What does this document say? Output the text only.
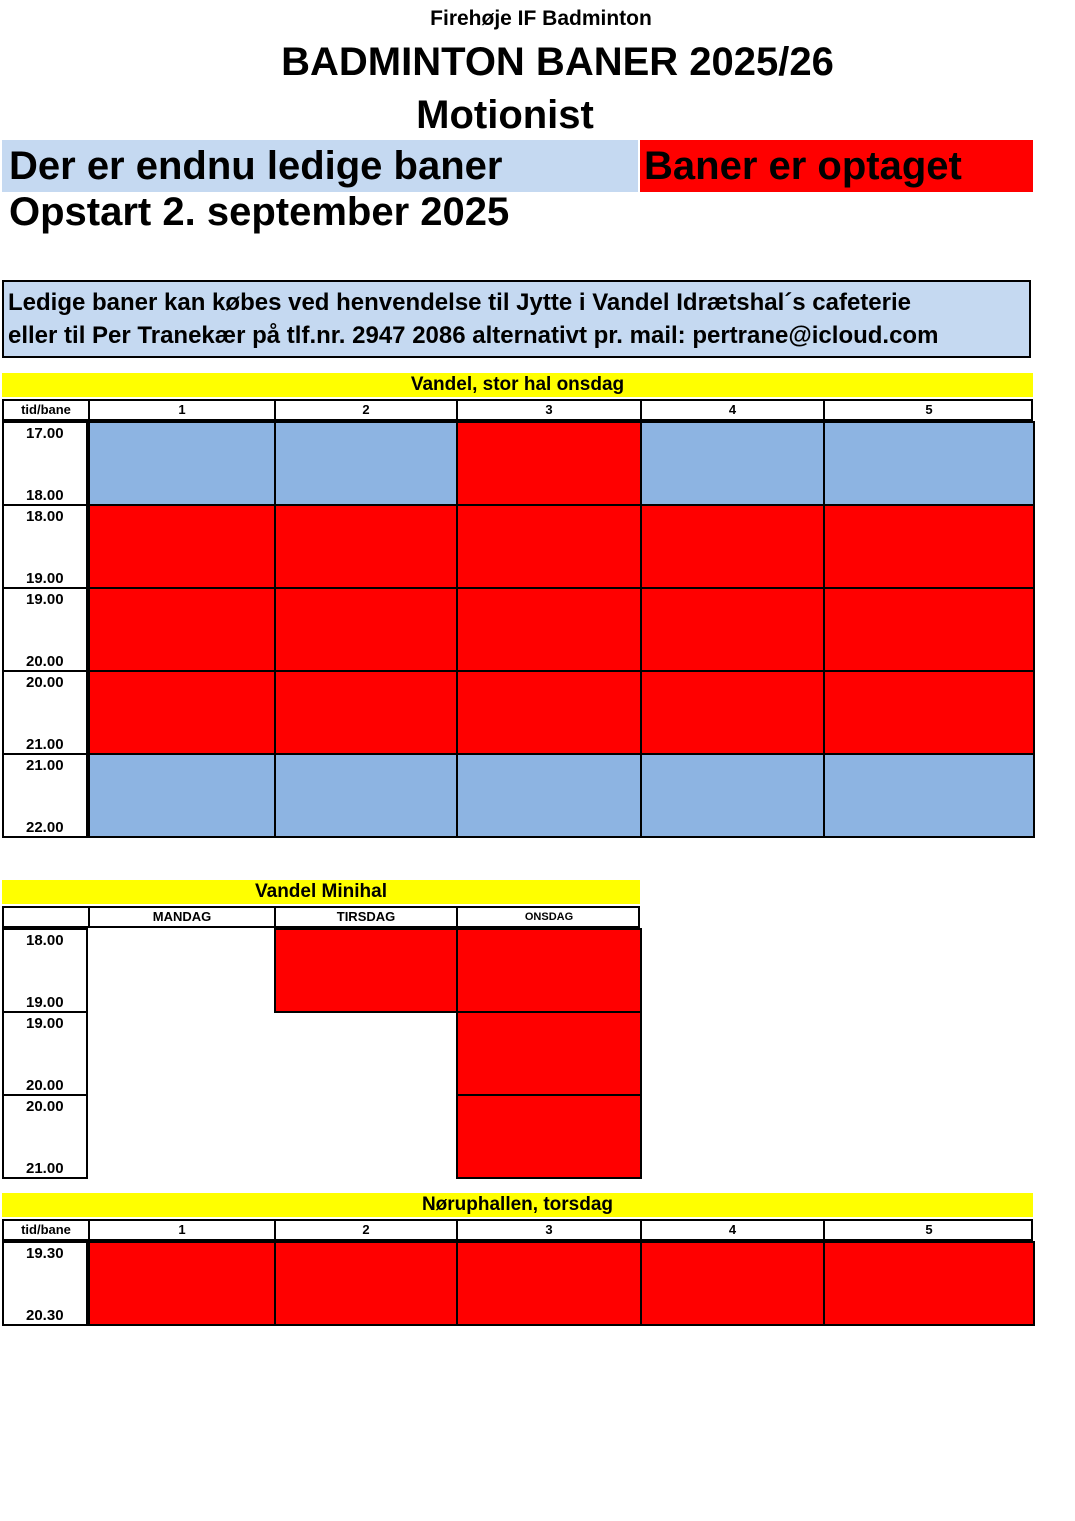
Firehøje IF Badminton
BADMINTON BANER 2025/26
Motionist
Der er endnu ledige baner	Baner er optaget
Opstart 2. september 2025
Ledige baner kan købes ved henvendelse til Jytte i Vandel Idrætshal´s cafeterie
eller til Per Tranekær på tlf.nr. 2947 2086 alternativt pr. mail: pertrane@icloud.com
Vandel, stor hal onsdag
tid/bane	1	2	3	4	5
17.00
18.00
18.00
19.00
19.00
20.00
20.00
21.00
21.00
22.00
Vandel Minihal
MANDAG	TIRSDAG	ONSDAG
18.00
19.00
19.00
20.00
20.00
21.00
Nøruphallen, torsdag
tid/bane	1	2	3	4	5
19.30
20.30
